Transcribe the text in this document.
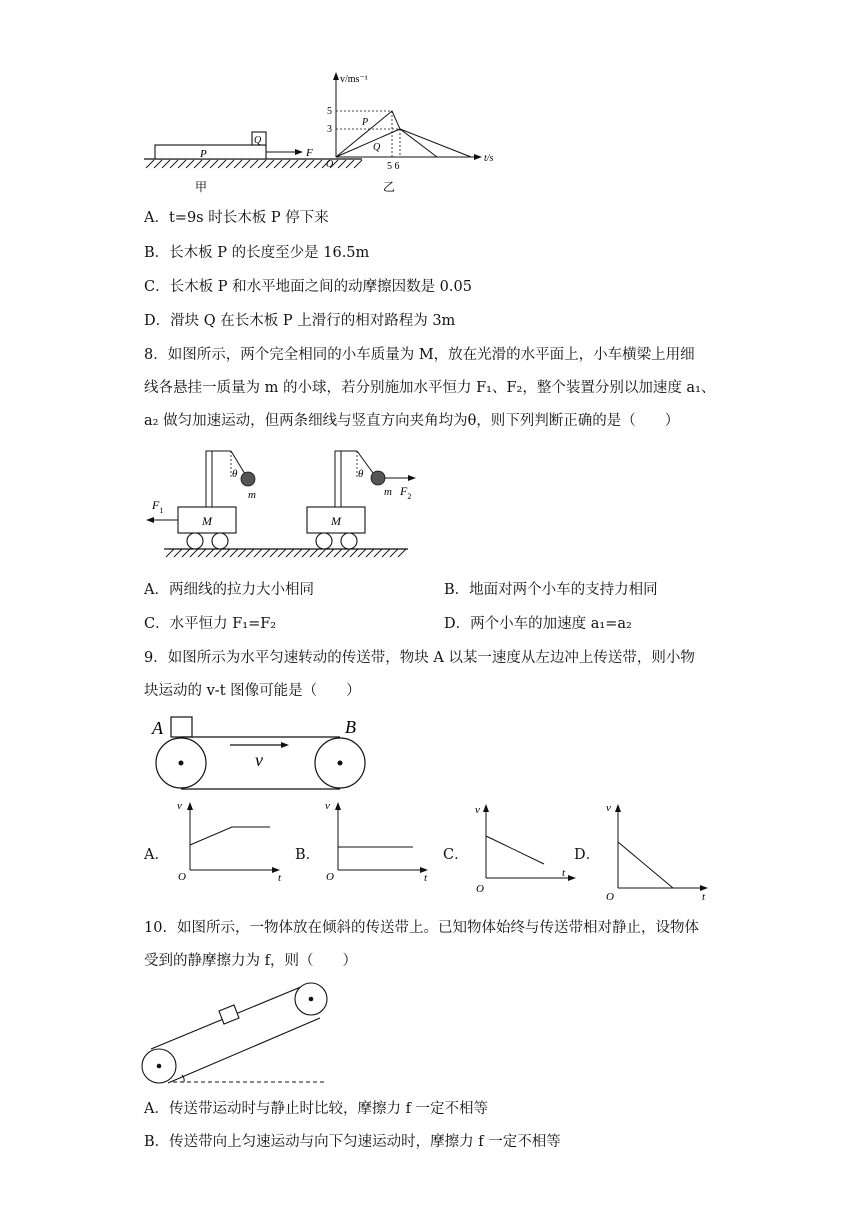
P
Q
F
甲
v/ms⁻¹
t/s
O
5
3
5 6
P
Q
乙
A．t=9s 时长木板 P 停下来
B．长木板 P 的长度至少是 16.5m
C．长木板 P 和水平地面之间的动摩擦因数是 0.05
D．滑块 Q 在长木板 P 上滑行的相对路程为 3m
8．如图所示，两个完全相同的小车质量为 M，放在光滑的水平面上，小车横梁上用细
线各悬挂一质量为 m 的小球，若分别施加水平恒力 F₁、F₂，整个装置分别以加速度 a₁、
a₂ 做匀加速运动，但两条细线与竖直方向夹角均为θ，则下列判断正确的是（　　）
M
θ
m
$F_1$
M
θ
m $F_2$
A．两细线的拉力大小相同	B．地面对两个小车的支持力相同
C．水平恒力 F₁=F₂	D．两个小车的加速度 a₁=a₂
9．如图所示为水平匀速转动的传送带，物块 A 以某一速度从左边冲上传送带，则小物
块运动的 v-t 图像可能是（　　）
A	B
v
A．
v
t
O
B．
v
t
O
C．
v
t
O
D．
v
t
O
10．如图所示，一物体放在倾斜的传送带上。已知物体始终与传送带相对静止，设物体
受到的静摩擦力为 f，则（　　）
A．传送带运动时与静止时比较，摩擦力 f 一定不相等
B．传送带向上匀速运动与向下匀速运动时，摩擦力 f 一定不相等
